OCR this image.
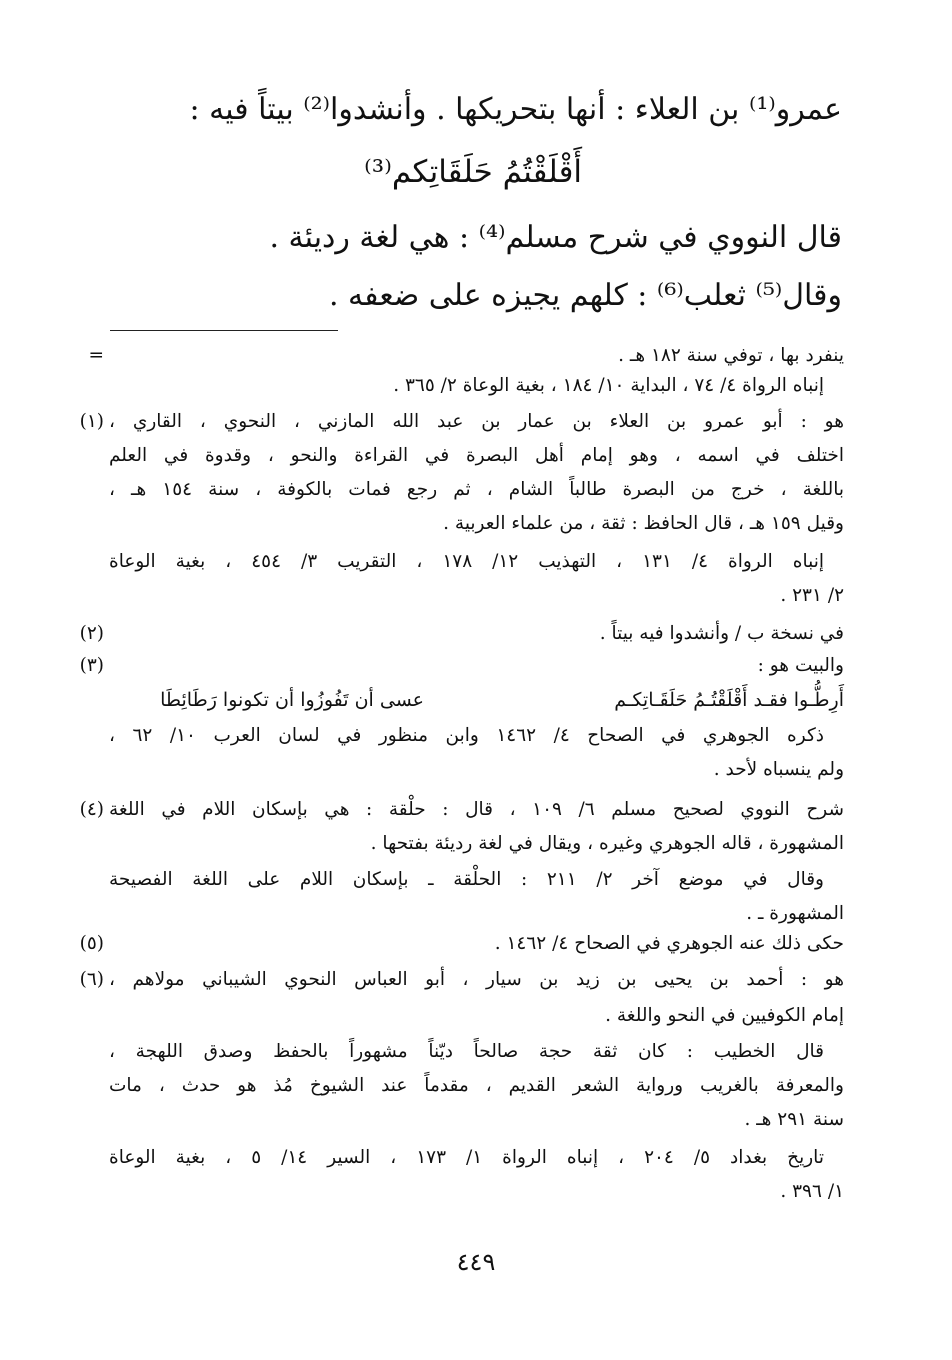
عمرو⁽¹⁾ بن العلاء : أنها بتحريكها . وأنشدوا⁽²⁾ بيتاً فيه :
أَقْلَقْتُمُ حَلَقَاتِكم⁽³⁾
قال النووي في شرح مسلم⁽⁴⁾ : هي لغة رديئة .
وقال⁽⁵⁾ ثعلب⁽⁶⁾ : كلهم يجيزه على ضعفه .
=
(١)
(٢)
(٣)
(٤)
(٥)
(٦)
ينفرد بها ، توفي سنة ١٨٢ هـ .
إنباه الرواة ٤/ ٧٤ ، البداية ١٠/ ١٨٤ ، بغية الوعاة ٢/ ٣٦٥ .
هو : أبو عمرو بن العلاء بن عمار بن عبد الله المازني ، النحوي ، القاري ،
اختلف في اسمه ، وهو إمام أهل البصرة في القراءة والنحو ، وقدوة في العلم
باللغة ، خرج من البصرة طالباً الشام ، ثم رجع فمات بالكوفة ، سنة ١٥٤ هـ ،
وقيل ١٥٩ هـ ، قال الحافظ : ثقة ، من علماء العربية .
إنباه الرواة ٤/ ١٣١ ، التهذيب ١٢/ ١٧٨ ، التقريب ٣/ ٤٥٤ ، بغية الوعاة
٢/ ٢٣١ .
في نسخة ب / وأنشدوا فيه بيتاً .
والبيت هو :
ذكره الجوهري في الصحاح ٤/ ١٤٦٢ وابن منظور في لسان العرب ١٠/ ٦٢ ،
ولم ينسباه لأحد .
شرح النووي لصحيح مسلم ٦/ ١٠٩ ، قال : حلْقة : هي بإسكان اللام في اللغة
المشهورة ، قاله الجوهري وغيره ، ويقال في لغة رديئة بفتحها .
وقال في موضع آخر ٢/ ٢١١ : الحلْقة ـ بإسكان اللام على اللغة الفصيحة
المشهورة ـ .
حكى ذلك عنه الجوهري في الصحاح ٤/ ١٤٦٢ .
هو : أحمد بن يحيى بن زيد بن سيار ، أبو العباس النحوي الشيباني مولاهم ،
إمام الكوفيين في النحو واللغة .
قال الخطيب : كان ثقة حجة صالحاً ديّناً مشهوراً بالحفظ وصدق اللهجة ،
والمعرفة بالغريب ورواية الشعر القديم ، مقدماً عند الشيوخ مُذ هو حدث ، مات
سنة ٢٩١ هـ .
تاريخ بغداد ٥/ ٢٠٤ ، إنباه الرواة ١/ ١٧٣ ، السير ١٤/ ٥ ، بغية الوعاة
١/ ٣٩٦ .
أَرِطُّـوا فقـد أَقْلَقْتُـمُ حَلَقَـاتِكـم
عسى أن تَفُوزُوا أن تكونوا رَطَائِطَا
٤٤٩
